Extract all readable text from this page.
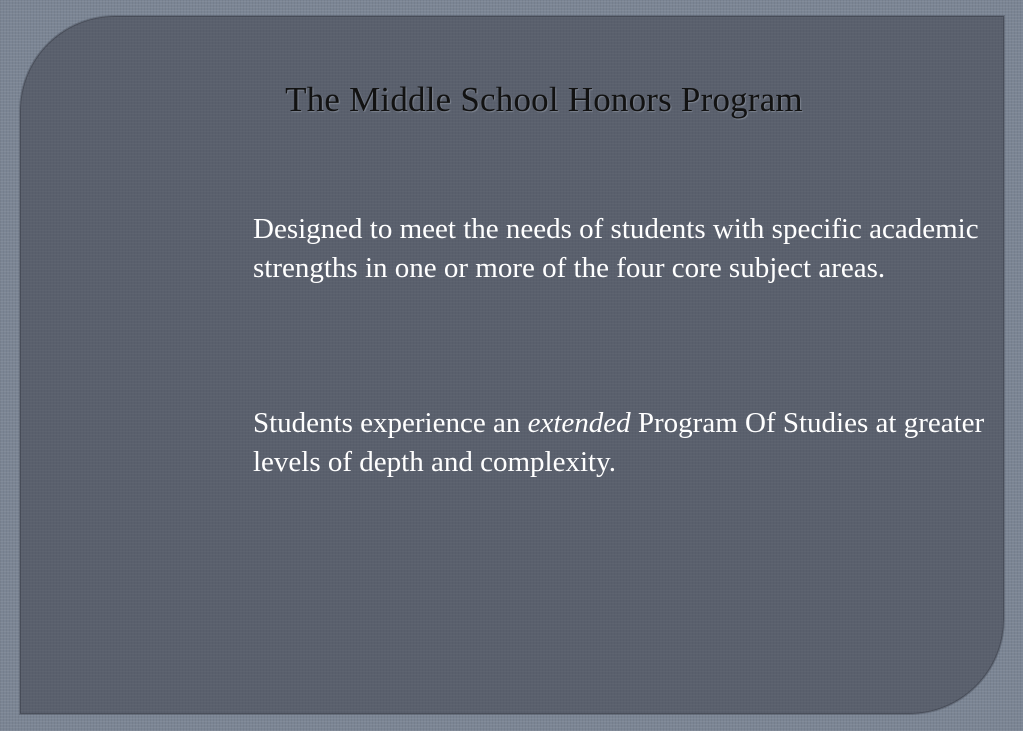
The Middle School Honors Program

Designed to meet the needs of students with specific academic strengths in one or more of the four core subject areas.

Students experience an extended Program Of Studies at greater levels of depth and complexity.
